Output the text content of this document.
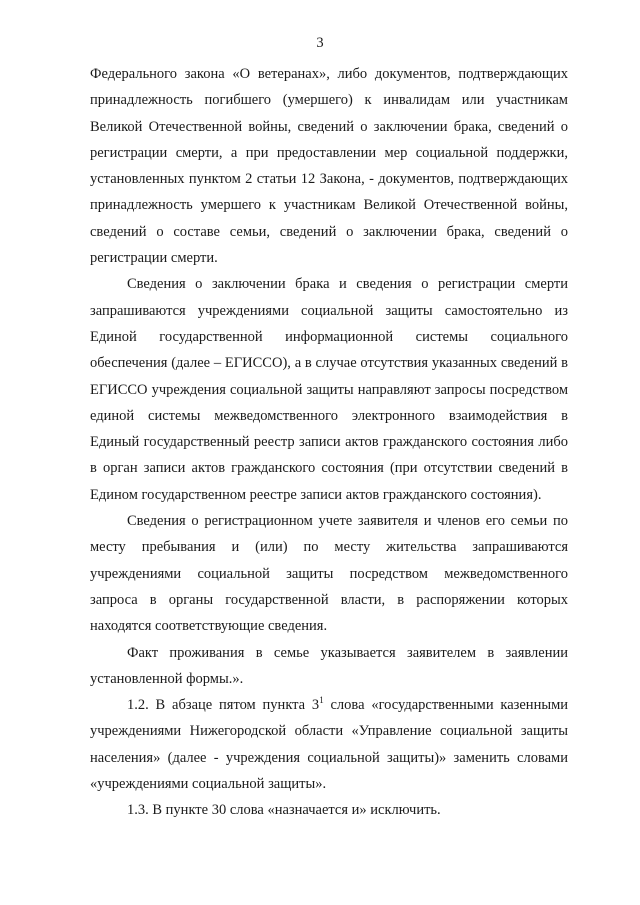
3

Федерального закона «О ветеранах», либо документов, подтверждающих принадлежность погибшего (умершего) к инвалидам или участникам Великой Отечественной войны, сведений о заключении брака, сведений о регистрации смерти, а при предоставлении мер социальной поддержки, установленных пунктом 2 статьи 12 Закона, - документов, подтверждающих принадлежность умершего к участникам Великой Отечественной войны, сведений о составе семьи, сведений о заключении брака, сведений о регистрации смерти.

Сведения о заключении брака и сведения о регистрации смерти запрашиваются учреждениями социальной защиты самостоятельно из Единой государственной информационной системы социального обеспечения (далее – ЕГИССО), а в случае отсутствия указанных сведений в ЕГИССО учреждения социальной защиты направляют запросы посредством единой системы межведомственного электронного взаимодействия в Единый государственный реестр записи актов гражданского состояния либо в орган записи актов гражданского состояния (при отсутствии сведений в Едином государственном реестре записи актов гражданского состояния).

Сведения о регистрационном учете заявителя и членов его семьи по месту пребывания и (или) по месту жительства запрашиваются учреждениями социальной защиты посредством межведомственного запроса в органы государственной власти, в распоряжении которых находятся соответствующие сведения.

Факт проживания в семье указывается заявителем в заявлении установленной формы.».

1.2. В абзаце пятом пункта $3^1$ слова «государственными казенными учреждениями Нижегородской области «Управление социальной защиты населения» (далее - учреждения социальной защиты)» заменить словами «учреждениями социальной защиты».

1.3. В пункте 30 слова «назначается и» исключить.
